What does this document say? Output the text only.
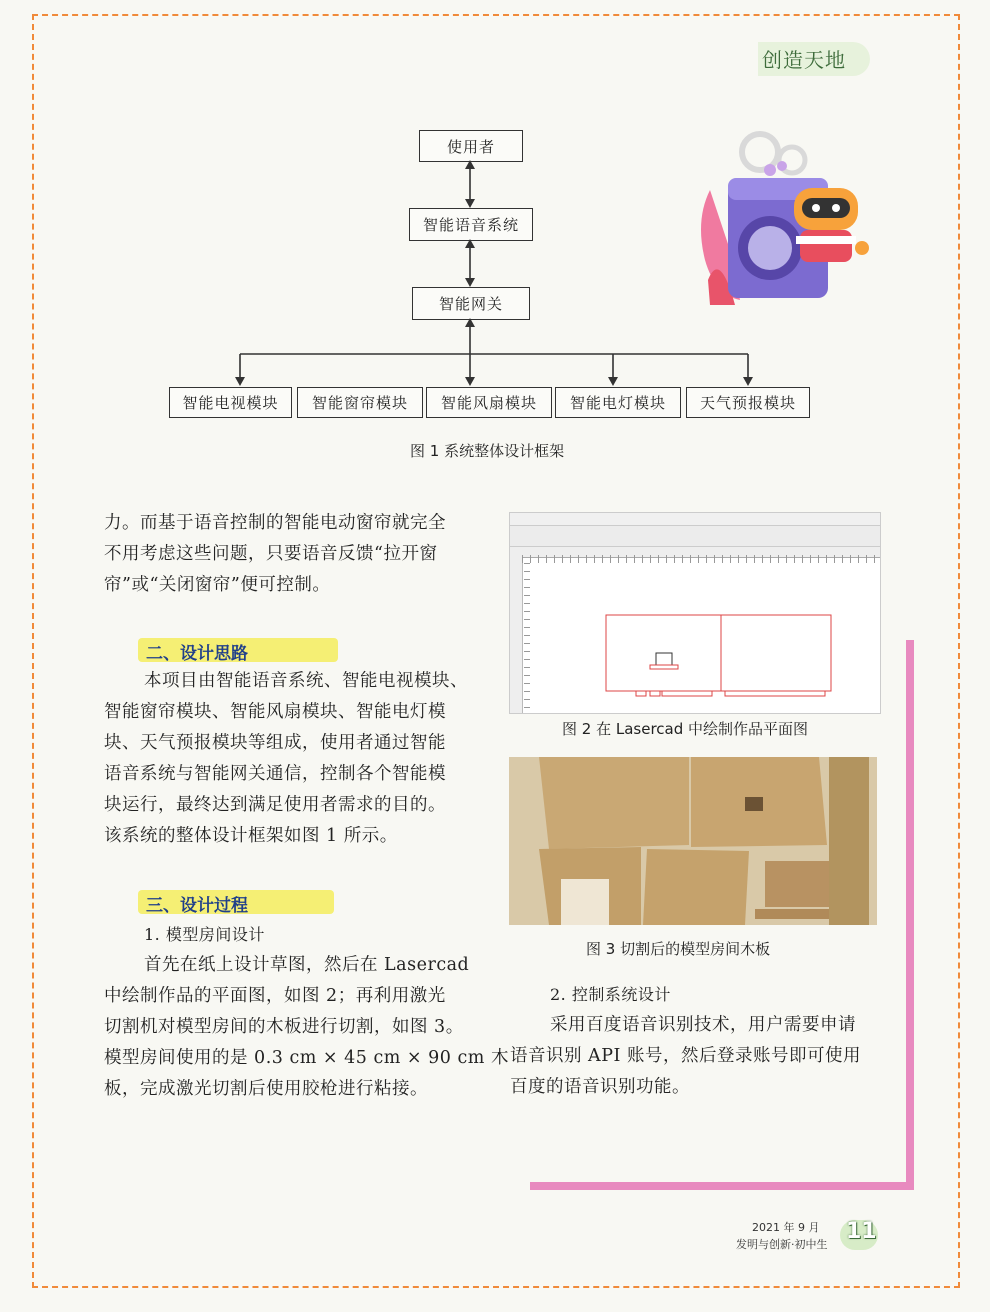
创造天地
使用者
智能语音系统
智能网关
智能电视模块	智能窗帘模块	智能风扇模块	智能电灯模块	天气预报模块
图 1 系统整体设计框架
力。而基于语音控制的智能电动窗帘就完全
不用考虑这些问题，只要语音反馈“拉开窗
帘”或“关闭窗帘”便可控制。
二、设计思路
本项目由智能语音系统、智能电视模块、
智能窗帘模块、智能风扇模块、智能电灯模
块、天气预报模块等组成，使用者通过智能
语音系统与智能网关通信，控制各个智能模
块运行，最终达到满足使用者需求的目的。
该系统的整体设计框架如图 1 所示。
三、设计过程
1. 模型房间设计
首先在纸上设计草图，然后在 Lasercad
中绘制作品的平面图，如图 2；再利用激光
切割机对模型房间的木板进行切割，如图 3。
模型房间使用的是 0.3 cm × 45 cm × 90 cm 木
板，完成激光切割后使用胶枪进行粘接。
图 2 在 Lasercad 中绘制作品平面图
图 3 切割后的模型房间木板
2. 控制系统设计
采用百度语音识别技术，用户需要申请
语音识别 API 账号，然后登录账号即可使用
百度的语音识别功能。
2021 年 9 月
发明与创新·初中生
11
